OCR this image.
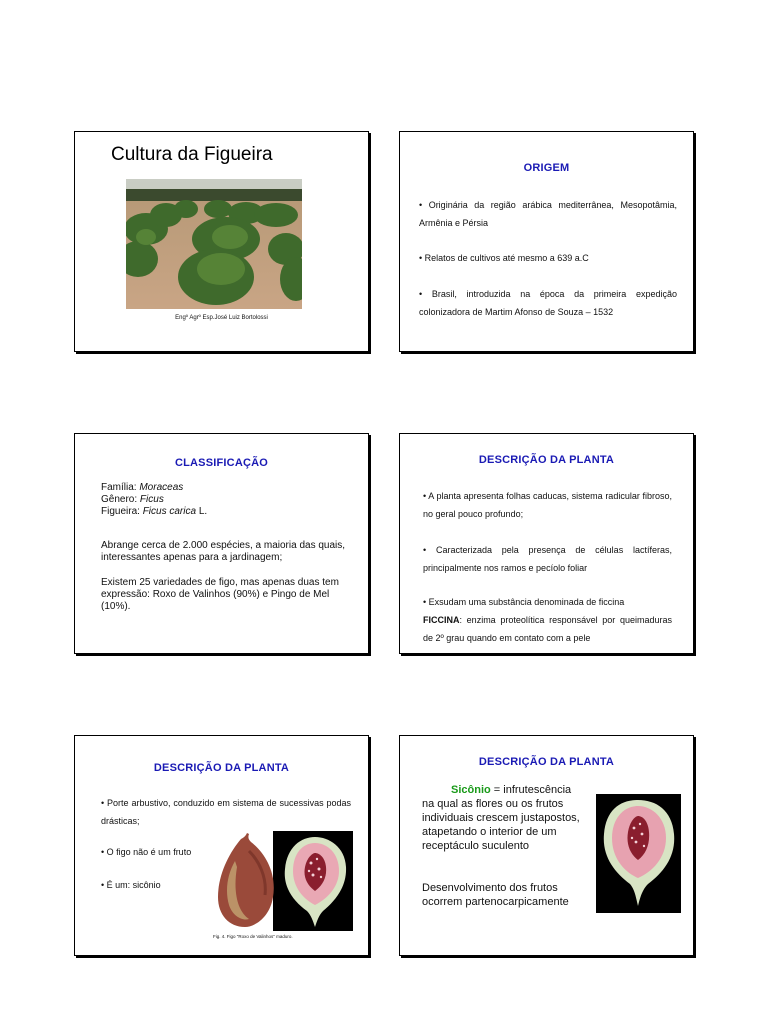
Cultura da Figueira
Engº Agrº Esp.José Luiz Bortolossi
ORIGEM
• Originária da região arábica mediterrânea, Mesopotâmia, Armênia e Pérsia
• Relatos de cultivos até mesmo a 639 a.C
• Brasil, introduzida na época da primeira expedição colonizadora de Martim Afonso de Souza – 1532
CLASSIFICAÇÃO
Família: Moraceas
Gênero: Ficus
Figueira: Ficus carica L.
Abrange cerca de 2.000 espécies, a maioria das quais, interessantes apenas para a jardinagem;
Existem 25 variedades de figo, mas apenas duas tem expressão: Roxo de Valinhos (90%) e Pingo de Mel (10%).
DESCRIÇÃO DA PLANTA
• A planta apresenta folhas caducas, sistema radicular fibroso, no geral pouco profundo;
• Caracterizada pela presença de células lactíferas, principalmente nos ramos e pecíolo foliar
• Exsudam uma substância denominada de ficcina
FICCINA: enzima proteolítica responsável por queimaduras de 2º grau quando em contato com a pele
DESCRIÇÃO DA PLANTA
• Porte arbustivo, conduzido em sistema de sucessivas podas drásticas;
• O figo não é um fruto
• É um: sicônio
Fig. 4. Figo "Roxo de Valinhos" maduro.
DESCRIÇÃO DA PLANTA
Sicônio = infrutescência
na qual as flores ou os frutos individuais crescem justapostos, atapetando o interior de um receptáculo suculento
Desenvolvimento dos frutos ocorrem partenocarpicamente
